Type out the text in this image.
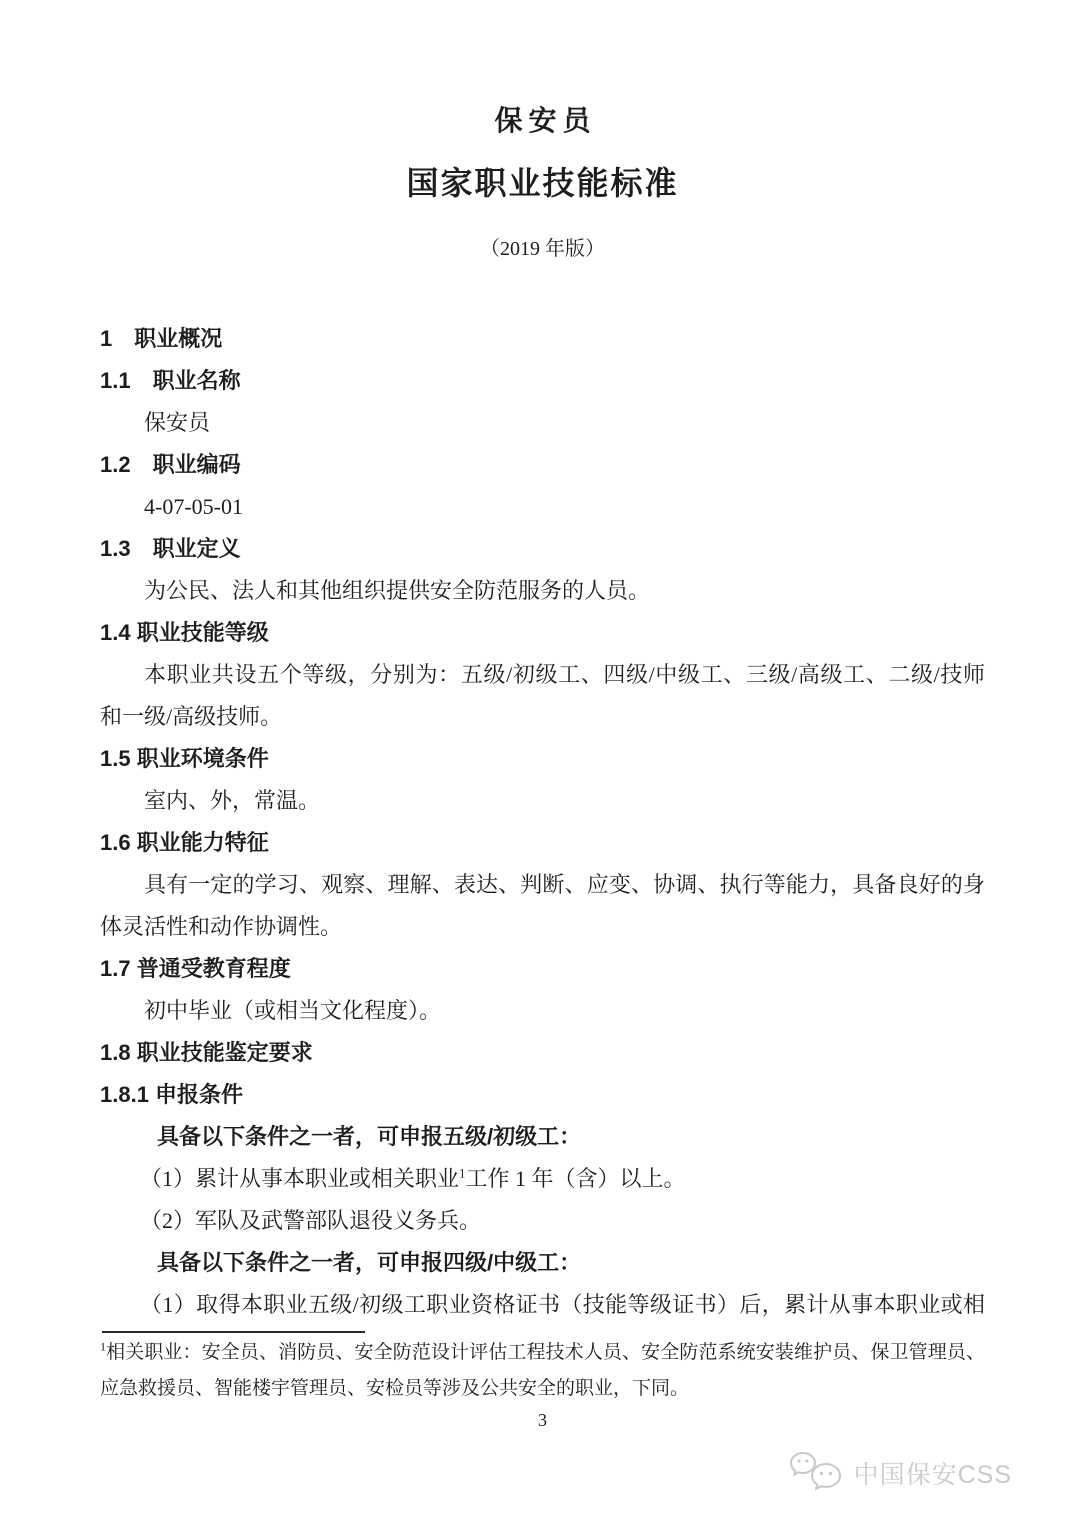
保安员
国家职业技能标准
（2019 年版）
1　职业概况
1.1　职业名称
保安员
1.2　职业编码
4-07-05-01
1.3　职业定义
为公民、法人和其他组织提供安全防范服务的人员。
1.4 职业技能等级
本职业共设五个等级，分别为：五级/初级工、四级/中级工、三级/高级工、二级/技师
和一级/高级技师。
1.5 职业环境条件
室内、外，常温。
1.6 职业能力特征
具有一定的学习、观察、理解、表达、判断、应变、协调、执行等能力，具备良好的身
体灵活性和动作协调性。
1.7 普通受教育程度
初中毕业（或相当文化程度）。
1.8 职业技能鉴定要求
1.8.1 申报条件
具备以下条件之一者，可申报五级/初级工：
（1）累计从事本职业或相关职业$^1$工作 1 年（含）以上。
（2）军队及武警部队退役义务兵。
具备以下条件之一者，可申报四级/中级工：
（1）取得本职业五级/初级工职业资格证书（技能等级证书）后，累计从事本职业或相
$^1$相关职业：安全员、消防员、安全防范设计评估工程技术人员、安全防范系统安装维护员、保卫管理员、
应急救援员、智能楼宇管理员、安检员等涉及公共安全的职业，下同。
3
中国保安CSS
